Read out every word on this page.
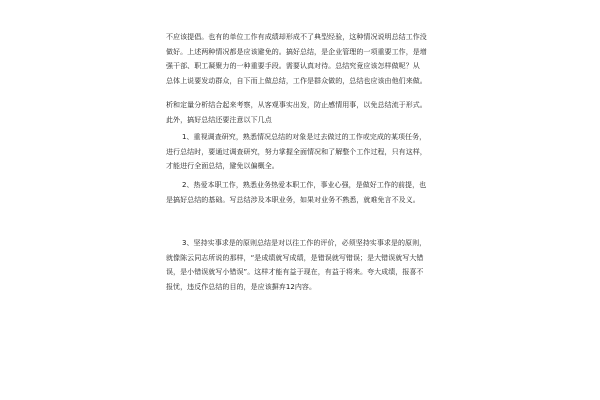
不应该提倡。也有的单位工作有成绩却形成不了典型经验，这种情况说明总结工作没
做好。上述两种情况都是应该避免的。搞好总结，是企业管理的一项重要工作，是增
强干部、职工凝聚力的一种重要手段。需要认真对待。总结究竟应该怎样做呢？从
总体上说要发动群众，自下而上做总结，工作是群众做的，总结也应该由他们来做。
析和定量分析结合起来考察，从客观事实出发，防止感情用事，以免总结流于形式。
此外，搞好总结还要注意以下几点
1、重视调查研究，熟悉情况总结的对象是过去做过的工作或完成的某项任务，
进行总结时，要通过调查研究，努力掌握全面情况和了解整个工作过程，只有这样，
才能进行全面总结，避免以偏概全。
2、热爱本职工作，熟悉业务热爱本职工作，事业心强，是做好工作的前提，也
是搞好总结的基础。写总结涉及本职业务，如果对业务不熟悉，就难免言不及义。
3、坚持实事求是的原则总结是对以往工作的评价，必须坚持实事求是的原则，
就像陈云同志所说的那样，“是成绩就写成绩，是错误就写错误；是大错误就写大错
误，是小错误就写小错误”。这样才能有益于现在，有益于将来。夸大成绩，报喜不
报忧，违反作总结的目的，是应该摒弃12内容。
